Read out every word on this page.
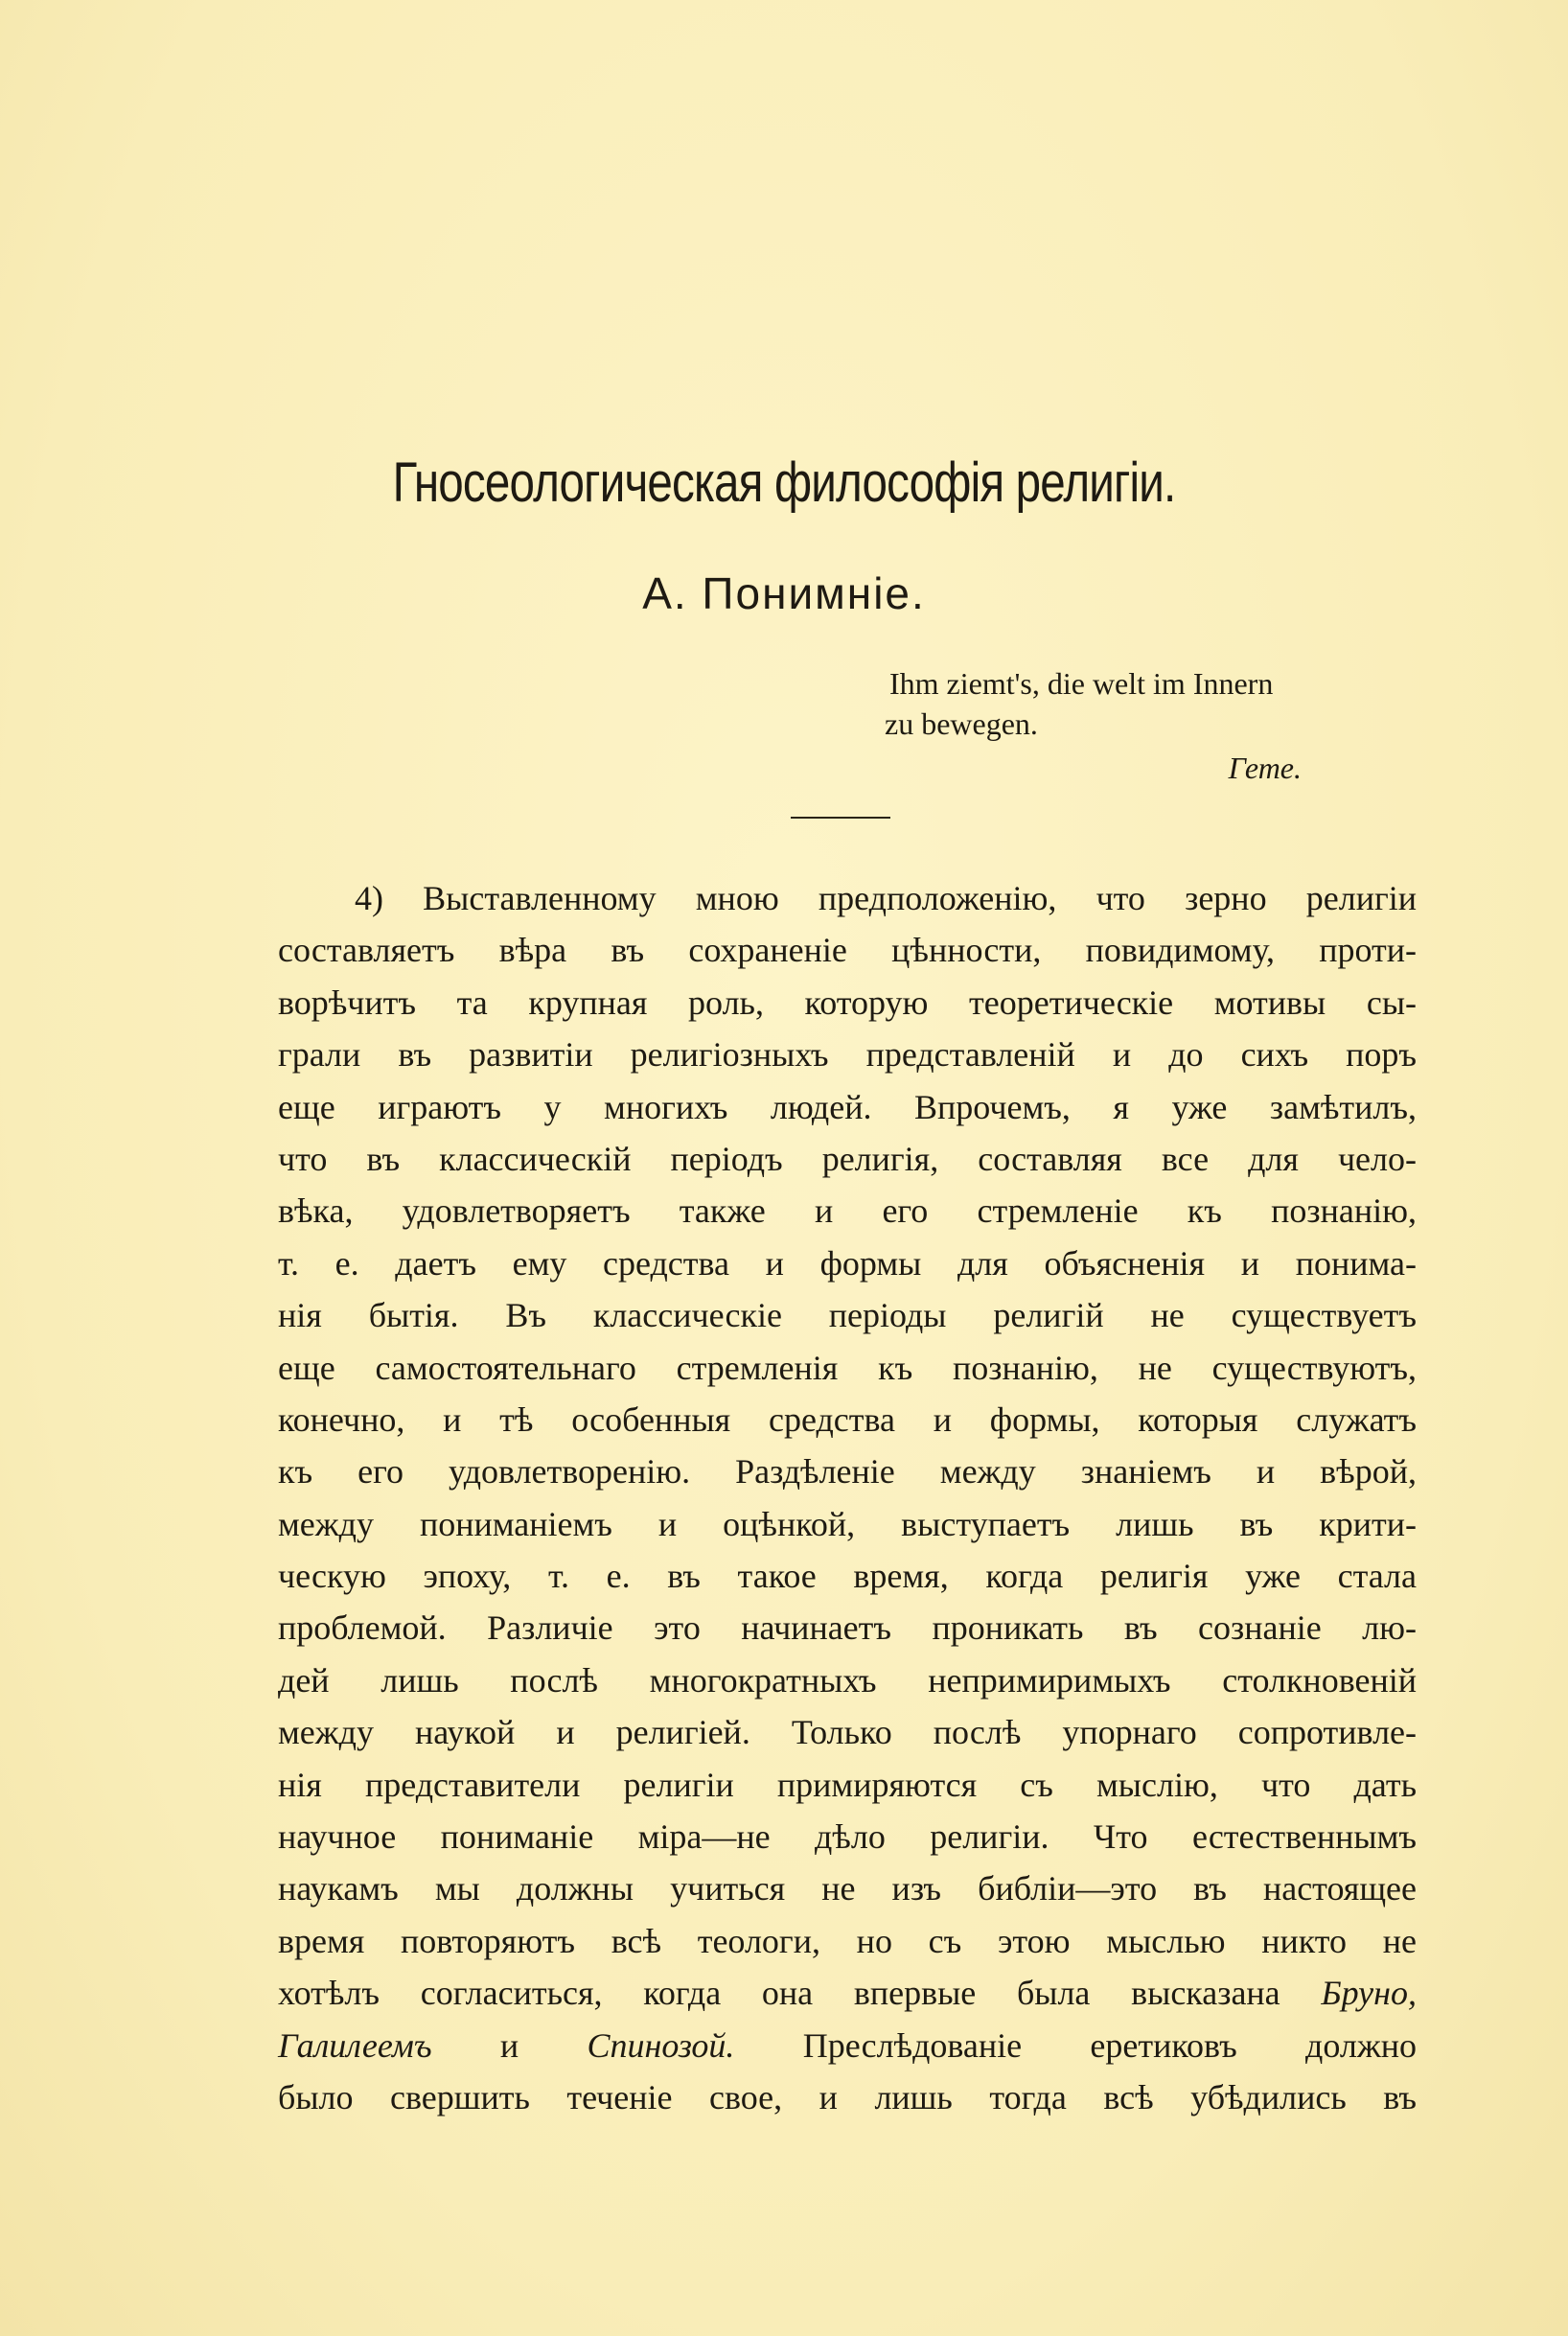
Гносеологическая философія религіи.
А. Понимніе.
Ihm ziemt's, die welt im Innern
zu bewegen.
Гете.
4) Выставленному мною предположенію, что зерно религіи
составляетъ вѣра въ сохраненіе цѣнности, повидимому, проти-
ворѣчитъ та крупная роль, которую теоретическіе мотивы сы-
грали въ развитіи религіозныхъ представленій и до сихъ поръ
еще играютъ у многихъ людей. Впрочемъ, я уже замѣтилъ,
что въ классическій періодъ религія, составляя все для чело-
вѣка, удовлетворяетъ также и его стремленіе къ познанію,
т. е. даетъ ему средства и формы для объясненія и понима-
нія бытія. Въ классическіе періоды религій не существуетъ
еще самостоятельнаго стремленія къ познанію, не существуютъ,
конечно, и тѣ особенныя средства и формы, которыя служатъ
къ его удовлетворенію. Раздѣленіе между знаніемъ и вѣрой,
между пониманіемъ и оцѣнкой, выступаетъ лишь въ крити-
ческую эпоху, т. е. въ такое время, когда религія уже стала
проблемой. Различіе это начинаетъ проникать въ сознаніе лю-
дей лишь послѣ многократныхъ непримиримыхъ столкновеній
между наукой и религіей. Только послѣ упорнаго сопротивле-
нія представители религіи примиряются съ мыслію, что дать
научное пониманіе міра—не дѣло религіи. Что естественнымъ
наукамъ мы должны учиться не изъ библіи—это въ настоящее
время повторяютъ всѣ теологи, но съ этою мыслью никто не
хотѣлъ согласиться, когда она впервые была высказана Бруно,
Галилеемъ и Спинозой. Преслѣдованіе еретиковъ должно
было свершить теченіе свое, и лишь тогда всѣ убѣдились въ
